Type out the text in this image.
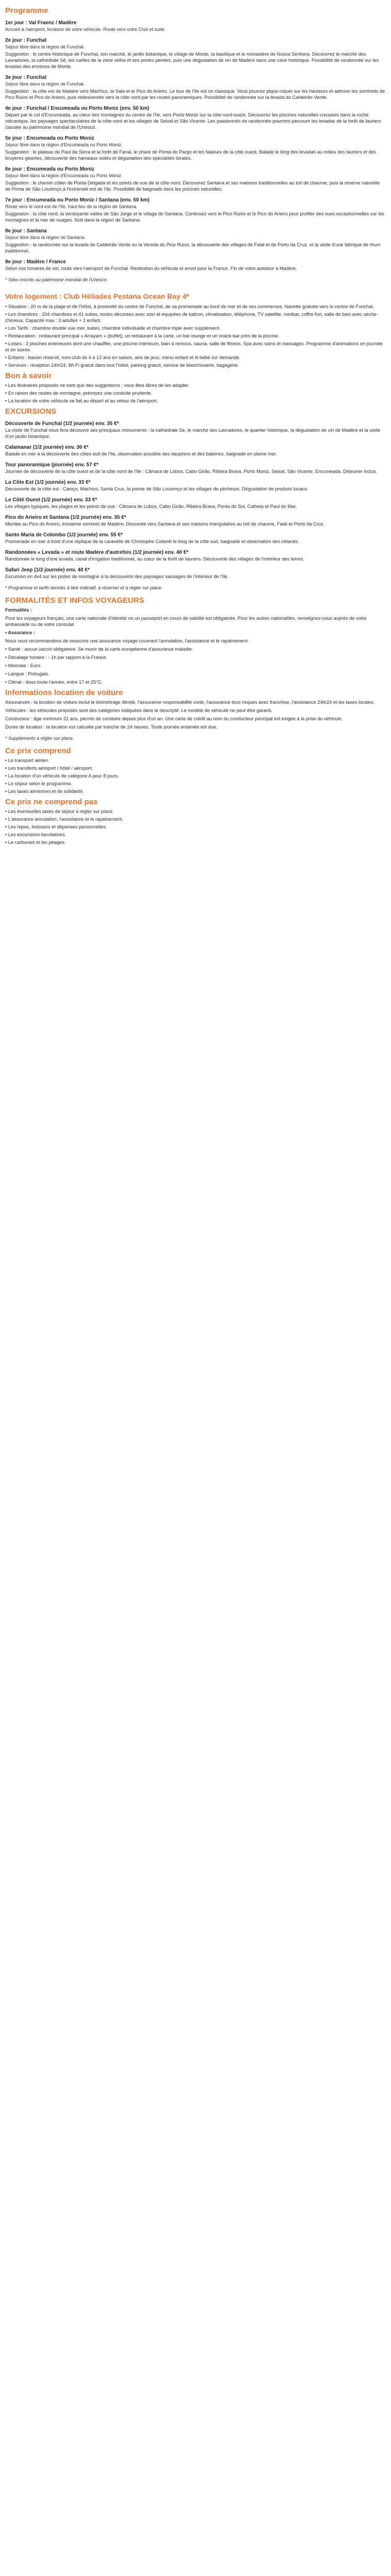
Programme
1er jour : Val Fraenz / Madère

Accueil à l'aéroport, livraison de votre véhicule. Route vers votre Club et suite.

2e jour : Funchal

Séjour libre dans la région de Funchal.

Suggestion : le centre historique de Funchal, son marché, le jardin botanique, le village de Monte, la basilique et le monastère de Nossa Senhora. Découvrez le marché dos Lavradores, la cathédrale Sé, les ruelles de la zone velha et ses portes peintes, puis une dégustation de vin de Madère dans une cave historique. Possibilité de randonnée sur les levadas des environs de Monte.

3e jour : Funchal

Séjour libre dans la région de Funchal.

Suggestion : la côte est de Madère vers Machico, la Sala et le Pico do Arieiro. Le tour de l'île est un classique. Vous pourrez pique-niquer sur les hauteurs et admirer les sommets de Pico Ruivo et Pico do Arieiro, puis redescendre vers la côte nord par les routes panoramiques. Possibilité de randonnée sur la levada do Caldeirão Verde.

4e jour : Funchal / Encumeada ou Porto Moniz (env. 50 km)

Départ par le col d'Encumeada, au cœur des montagnes du centre de l'île, vers Porto Moniz sur la côte nord-ouest. Découvrez les piscines naturelles creusées dans la roche volcanique, les paysages spectaculaires de la côte nord et les villages de Seixal et São Vicente. Les passionnés de randonnée pourront parcourir les levadas de la forêt de lauriers classée au patrimoine mondial de l'Unesco.

5e jour : Encumeada ou Porto Moniz

Séjour libre dans la région d'Encumeada ou Porto Moniz.

Suggestion : le plateau de Paul da Serra et la forêt de Fanal, le phare de Ponta do Pargo et les falaises de la côte ouest. Balade le long des levadas au milieu des lauriers et des bruyères géantes, découverte des hameaux isolés et dégustation des spécialités locales.

6e jour : Encumeada ou Porto Moniz

Séjour libre dans la région d'Encumeada ou Porto Moniz.

Suggestion : le chemin côtier de Ponta Delgada et les points de vue de la côte nord. Découvrez Santana et ses maisons traditionnelles au toit de chaume, puis la réserve naturelle de Ponta de São Lourenço à l'extrémité est de l'île. Possibilité de baignade dans les piscines naturelles.

7e jour : Encumeada ou Porto Moniz / Santana (env. 50 km)

Route vers le nord-est de l'île, haut lieu de la région de Santana.

Suggestion : la côte nord, la verdoyante vallée de São Jorge et le village de Santana. Continuez vers le Pico Ruivo et le Pico do Arieiro pour profiter des vues exceptionnelles sur les montagnes et la mer de nuages. Nuit dans la région de Santana.

8e jour : Santana

Séjour libre dans la région de Santana.

Suggestion : la randonnée sur la levada do Caldeirão Verde ou la Vereda do Pico Ruivo, la découverte des villages de Faial et de Porto da Cruz, et la visite d'une fabrique de rhum traditionnel.

9e jour : Madère / France

Selon vos horaires de vol, route vers l'aéroport de Funchal. Restitution du véhicule et envol pour la France. Fin de votre autotour à Madère.

* Sites inscrits au patrimoine mondial de l'Unesco.

Votre logement : Club Héliades Pestana Ocean Bay 4*

• Situation : 20 m de la plage et de l'hôtel, à proximité du centre de Funchal, de sa promenade au bord de mer et de ses commerces. Navette gratuite vers le centre de Funchal.

• Les chambres : 204 chambres et 41 suites, toutes décorées avec soin et équipées de balcon, climatisation, téléphone, TV satellite, minibar, coffre-fort, salle de bain avec sèche-cheveux. Capacité max : 3 adultes + 1 enfant.

• Les Tarifs : chambre double vue mer, suites, chambre individuelle et chambre triple avec supplément.

• Restauration : restaurant principal « Arrayam » (buffet), un restaurant à la carte, un bar-lounge et un snack-bar près de la piscine.

• Loisirs : 2 piscines extérieures dont une chauffée, une piscine intérieure, bain à remous, sauna, salle de fitness. Spa avec soins et massages. Programme d'animations en journée et en soirée.

• Enfants : bassin réservé, mini-club de 4 à 12 ans en saison, aire de jeux, menu enfant et lit bébé sur demande.

• Services : réception 24h/24, Wi-Fi gratuit dans tout l'hôtel, parking gratuit, service de blanchisserie, bagagerie.

Bon à savoir

• Les itinéraires proposés ne sont que des suggestions ; vous êtes libres de les adapter.

• En raison des routes de montagne, prévoyez une conduite prudente.

• La location de votre véhicule se fait au départ et au retour de l'aéroport.

EXCURSIONS
Découverte de Funchal (1/2 journée) env. 35 €*

La visite de Funchal vous fera découvrir ses principaux monuments : la cathédrale Sé, le marché dos Lavradores, le quartier historique, la dégustation de vin de Madère et la visite d'un jardin botanique.

Calamanar (1/2 journée) env. 30 €*

Balade en mer à la découverte des côtes sud de l'île, observation possible des dauphins et des baleines, baignade en pleine mer.

Tour panoramique (journée) env. 57 €*

Journée de découverte de la côte ouest et de la côte nord de l'île : Câmara de Lobos, Cabo Girão, Ribeira Brava, Porto Moniz, Seixal, São Vicente, Encumeada. Déjeuner inclus.

La Côte Est (1/2 journée) env. 33 €*

Découverte de la côte est : Caniço, Machico, Santa Cruz, la pointe de São Lourenço et les villages de pêcheurs. Dégustation de produits locaux.

Le Côté Ouest (1/2 journée) env. 33 €*

Les villages typiques, les plages et les points de vue : Câmara de Lobos, Cabo Girão, Ribeira Brava, Ponta do Sol, Calheta et Paul do Mar.

Pico do Arieiro et Santana (1/2 journée) env. 35 €*

Montée au Pico do Arieiro, troisième sommet de Madère. Descente vers Santana et ses maisons triangulaires au toit de chaume, Faial et Porto da Cruz.

Santo Maria de Colombo (1/2 journée) env. 55 €*

Promenade en mer à bord d'une réplique de la caravelle de Christophe Colomb le long de la côte sud, baignade et observation des cétacés.

Randonnées « Levada » et route Madère d'autrefois (1/2 journée) env. 40 €*

Randonnée le long d'une levada, canal d'irrigation traditionnel, au cœur de la forêt de lauriers. Découverte des villages de l'intérieur des terres.

Safari Jeep (1/2 journée) env. 40 €*

Excursion en 4x4 sur les pistes de montagne à la découverte des paysages sauvages de l'intérieur de l'île.

* Programme et tarifs donnés à titre indicatif, à réserver et à régler sur place.

FORMALITÉS ET INFOS VOYAGEURS

Formalités :

Pour les voyageurs français, une carte nationale d'identité ou un passeport en cours de validité est obligatoire. Pour les autres nationalités, renseignez-vous auprès de votre ambassade ou de votre consulat.

• Assurance :

Nous vous recommandons de souscrire une assurance voyage couvrant l'annulation, l'assistance et le rapatriement.

• Santé : aucun vaccin obligatoire. Se munir de la carte européenne d'assurance maladie.

• Décalage horaire : - 1h par rapport à la France.

• Monnaie : Euro.

• Langue : Portugais.

• Climat : doux toute l'année, entre 17 et 25°C.

Informations location de voiture

Assurances : la location de voiture inclut le kilométrage illimité, l'assurance responsabilité civile, l'assurance tous risques avec franchise, l'assistance 24h/24 et les taxes locales.

Véhicules : les véhicules proposés sont des catégories indiquées dans le descriptif. Le modèle de véhicule ne peut être garanti.

Conducteur : âge minimum 21 ans, permis de conduire depuis plus d'un an. Une carte de crédit au nom du conducteur principal est exigée à la prise du véhicule.

Durée de location : la location est calculée par tranche de 24 heures. Toute journée entamée est due.

* Suppléments à régler sur place.

Ce prix comprend

• Le transport aérien.

• Les transferts aéroport / hôtel / aéroport.

• La location d'un véhicule de catégorie A pour 8 jours.

• Le séjour selon le programme.

• Les taxes aériennes et de solidarité.

Ce prix ne comprend pas

• Les éventuelles taxes de séjour à régler sur place.

• L'assurance annulation, l'assistance et le rapatriement.

• Les repas, boissons et dépenses personnelles.

• Les excursions facultatives.

• Le carburant et les péages.
